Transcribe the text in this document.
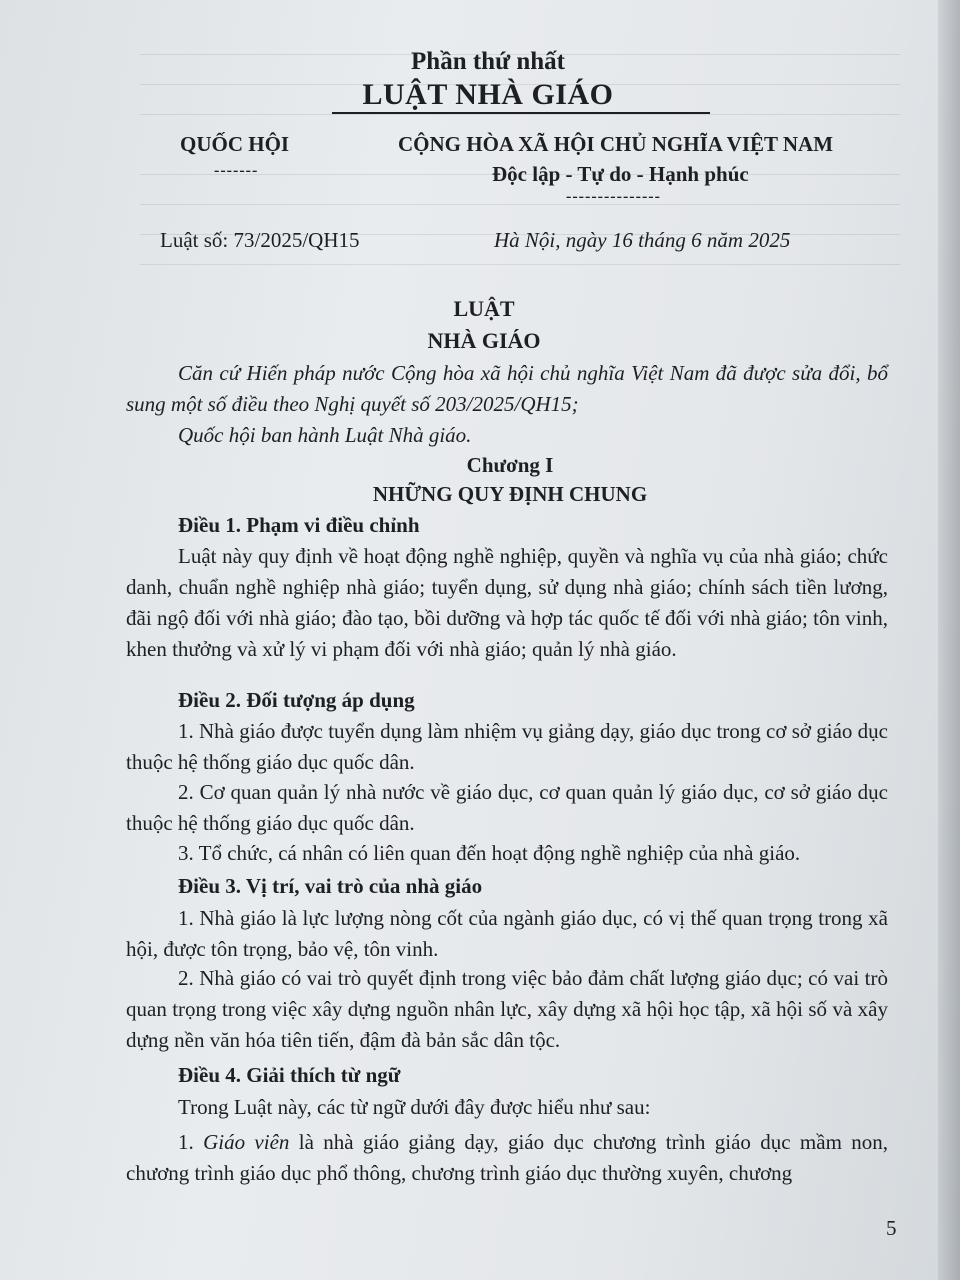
Phần thứ nhất
LUẬT NHÀ GIÁO
QUỐC HỘI
-------
CỘNG HÒA XÃ HỘI CHỦ NGHĨA VIỆT NAM
Độc lập - Tự do - Hạnh phúc
---------------
Luật số: 73/2025/QH15	Hà Nội, ngày 16 tháng 6 năm 2025
LUẬT
NHÀ GIÁO

Căn cứ Hiến pháp nước Cộng hòa xã hội chủ nghĩa Việt Nam đã được sửa đổi, bổ sung một số điều theo Nghị quyết số 203/2025/QH15;

Quốc hội ban hành Luật Nhà giáo.

Chương I
NHỮNG QUY ĐỊNH CHUNG
Điều 1. Phạm vi điều chỉnh

Luật này quy định về hoạt động nghề nghiệp, quyền và nghĩa vụ của nhà giáo; chức danh, chuẩn nghề nghiệp nhà giáo; tuyển dụng, sử dụng nhà giáo; chính sách tiền lương, đãi ngộ đối với nhà giáo; đào tạo, bồi dưỡng và hợp tác quốc tế đối với nhà giáo; tôn vinh, khen thưởng và xử lý vi phạm đối với nhà giáo; quản lý nhà giáo.

Điều 2. Đối tượng áp dụng

1. Nhà giáo được tuyển dụng làm nhiệm vụ giảng dạy, giáo dục trong cơ sở giáo dục thuộc hệ thống giáo dục quốc dân.

2. Cơ quan quản lý nhà nước về giáo dục, cơ quan quản lý giáo dục, cơ sở giáo dục thuộc hệ thống giáo dục quốc dân.

3. Tổ chức, cá nhân có liên quan đến hoạt động nghề nghiệp của nhà giáo.

Điều 3. Vị trí, vai trò của nhà giáo

1. Nhà giáo là lực lượng nòng cốt của ngành giáo dục, có vị thế quan trọng trong xã hội, được tôn trọng, bảo vệ, tôn vinh.

2. Nhà giáo có vai trò quyết định trong việc bảo đảm chất lượng giáo dục; có vai trò quan trọng trong việc xây dựng nguồn nhân lực, xây dựng xã hội học tập, xã hội số và xây dựng nền văn hóa tiên tiến, đậm đà bản sắc dân tộc.

Điều 4. Giải thích từ ngữ

Trong Luật này, các từ ngữ dưới đây được hiểu như sau:

1. Giáo viên là nhà giáo giảng dạy, giáo dục chương trình giáo dục mầm non, chương trình giáo dục phổ thông, chương trình giáo dục thường xuyên, chương

5
